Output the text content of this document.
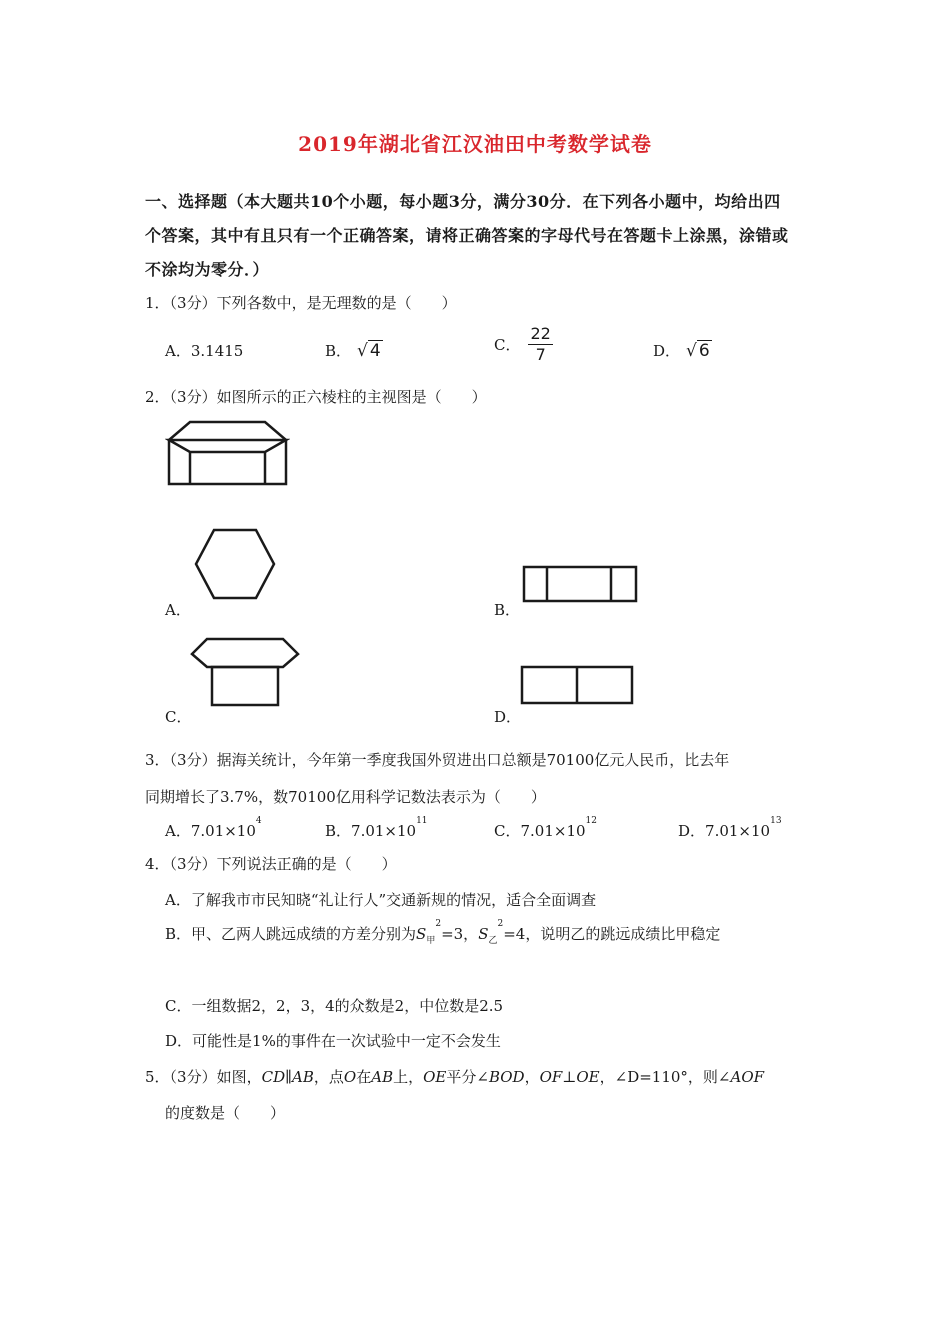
2019年湖北省江汉油田中考数学试卷
一、选择题（本大题共10个小题，每小题3分，满分30分．在下列各小题中，均给出四
个答案，其中有且只有一个正确答案，请将正确答案的字母代号在答题卡上涂黑，涂错或
不涂均为零分．）
1．（3分）下列各数中，是无理数的是（　　）
A．3.1415	B． √ 4	C． $\frac{22}{7}$	D． √ 6
2．（3分）如图所示的正六棱柱的主视图是（　　）
A．	B．
C．	D．
3．（3分）据海关统计，今年第一季度我国外贸进出口总额是70100亿元人民币，比去年
同期增长了3.7%，数70100亿用科学记数法表示为（　　）
A．$7.01\times 10^4$
B．$7.01\times 10^{11}$
C．$7.01\times 10^{12}$
D．$7.01\times 10^{13}$
4．（3分）下列说法正确的是（　　）
A．了解我市市民知晓“礼让行人”交通新规的情况，适合全面调查
B．甲、乙两人跳远成绩的方差分别为$S_甲^2=3$，$S_乙^2=4$，说明乙的跳远成绩比甲稳定
C．一组数据2，2，3，4的众数是2，中位数是2.5
D．可能性是1%的事件在一次试验中一定不会发生
5．（3分）如图，CD∥AB，点O在AB上，OE平分∠BOD，OF⊥OE，∠D=110°，则∠AOF
的度数是（　　）
